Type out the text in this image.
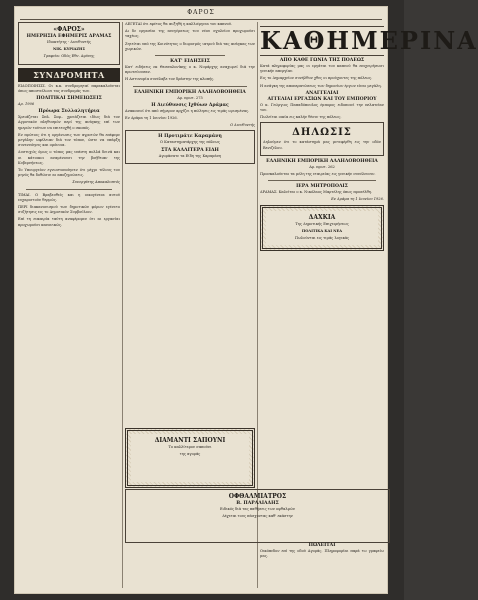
ΦΑΡΟΣ
«ΦΑΡΟΣ»
ΗΜΕΡΗΣΙΑ ΕΦΗΜΕΡΙΣ ΔΡΑΜΑΣ

Ιδιοκτήτης - Διευθυντής

ΝΙΚ. ΚΥΡΙΑΖΗΣ

Γραφεία: Οδός Εθν. Αμύνης

ΣΥΝΔΡΟΜΗΤΑ

ΕΙΔΟΠΟΙΗΣΙΣ. Οι κ.κ. συνδρομηταί παρακαλούνται όπως αποστείλωσι τας συνδρομάς των.

ΠΟΛΙΤΙΚΑΙ ΣΗΜΕΙΩΣΕΙΣ

Αρ. 1906

Πρόωρα Συλλαλητήρια

Χρειάζεται Σπλ. Σοφ.. χρειάζεται ιδίως διά τον Αγροτικόν πληθυσμόν περί της ανάγκης επί των ημερών τούτων να επιτευχθή ο σκοπός.

Εν πρώτοις ότι η οργάνωσις των αγροτών θα επέφερε μεγάλην ωφέλειαν διά τον τόπον, ώστε να υπάρξη συνεννόησις και ομόνοια.

Δυστυχώς όμως ο τόπος μας υπέστη πολλά δεινά και οι κάτοικοι αναμένουσι την βοήθειαν της Κυβερνήσεως.

Το Υπουργείον εγνωστοποίησεν ότι μέχρι τέλους του μηνός θα δοθώσιν αι αποζημιώσεις.

Συνεργάτης Αποκαλυπτός

ΤΙΜΑΙ. Ο Βραβευθείς και η οικογένεια αυτού ευχαριστούν θερμώς.

ΠΕΡΙ διακανονισμού των δημοτικών φόρων εγένετο συζήτησις εις το Δημοτικόν Συμβούλιον.

Επί τη ευκαιρία ταύτη αναφέρομεν ότι αι εργασίαι προχωρούσι κανονικώς.

ΛΕΓΕΤΑΙ ότι εφέτος θα αυξηθή η καλλιέργεια του καπνού.

Αι δε εργασίαι της ανεγέρσεως του νέου σχολείου προχωρούσι ταχέως.

Ζητείται υπό της Κοινότητος ο διορισμός ιατρού διά τας ανάγκας των χωρικών.

ΚΑΤ' ΕΙΔΗΣΕΙΣ

Κατ' ειδήσεις εκ Θεσσαλονίκης ο κ. Νομάρχης αναχωρεί διά την πρωτεύουσαν.

Η Αστυνομία συνέλαβε τον δράστην της κλοπής.

ΕΛΛΗΝΙΚΗ ΕΜΠΟΡΙΚΗ ΑΛΛΗΛΟΒΟΗΘΕΙΑ

Αρ. πρωτ. 275

Η Διεύθυνσις Ιχθύων Δράμας

Ανακοινοί ότι από σήμερον αρχίζει η πώλησις εις τιμάς ωρισμένας.

Εν Δράμα τη 1 Ιουνίου 1926.

Ο Διευθυντής

Η Προτιμάτε Καραμάνη

Ο Καταστηματάρχης της πόλεως

ΣΤΑ ΚΑΛΛΙΤΕΡΑ ΕΙΔΗ

Αγοράσατε τα Είδη της Καραμάνη

ΚΑΘΗΜΕΡΙΝΑ
ΑΠΟ ΚΑΘΕ ΓΩΝΙΑ ΤΗΣ ΠΟΛΕΩΣ

Κατά πληροφορίας μας οι εργάται του καπνού θα επιχειρήσωσι γενικήν απεργίαν.

Εις το Δημαρχείον συνήλθον χθες οι προύχοντες της πόλεως.

Η ανάγκη της αποπερατώσεως των δημοσίων έργων είναι μεγάλη.

ΑΝΑΓΓΕΛΙΑΙ
ΑΓΓΕΛΙΑΙ ΕΡΓΑΣΙΩΝ ΚΑΙ ΤΟΥ ΕΜΠΟΡΙΟΥ

Ο κ. Γεώργιος Παπαδόπουλος έμπορος ειδοποιεί την πελατείαν του.

Πωλείται οικία εις καλήν θέσιν της πόλεως.

ΔΗΛΩΣΙΣ

Δηλούμεν ότι το κατάστημά μας μετεφέρθη εις την οδόν Βενιζέλου.

ΕΛΛΗΝΙΚΗ ΕΜΠΟΡΙΚΗ ΑΛΛΗΛΟΒΟΗΘΕΙΑ

Αρ. πρωτ. 262

Προσκαλούνται τα μέλη της εταιρείας εις γενικήν συνέλευσιν.

ΙΕΡΑ ΜΗΤΡΟΠΟΛΙΣ

ΔΡΑΜΑΣ. Καλείται ο κ. Νικόλαος Μαρτέλης όπως προσέλθη.

Εν Δράμα τη 1 Ιουνίου 1926.

ΔΑΧΚΙΑ

Της Δημοτικής Επιχειρήσεως

ΠΟΛΙΤΙΚΑ ΚΑΙ ΝΕΑ

Πωλούνται εις τιμάς λογικάς

ΔΙΑΜΑΝΤΙ ΣΑΠΟΥΝΙ

Το καλλίτερον σαπούνι

της αγοράς

ΟΦΘΑΛΜΙΑΤΡΟΣ
Β. ΠΑΡΑΛΙΑΔΗΣ

Ειδικός διά τας παθήσεις των οφθαλμών

Δέχεται τους πάσχοντας καθ' εκάστην

ΠΩΛΕΙΤΑΙ

Οικόπεδον επί της οδού Αγοράς. Πληροφορίαι παρά τω γραφείω μας.
